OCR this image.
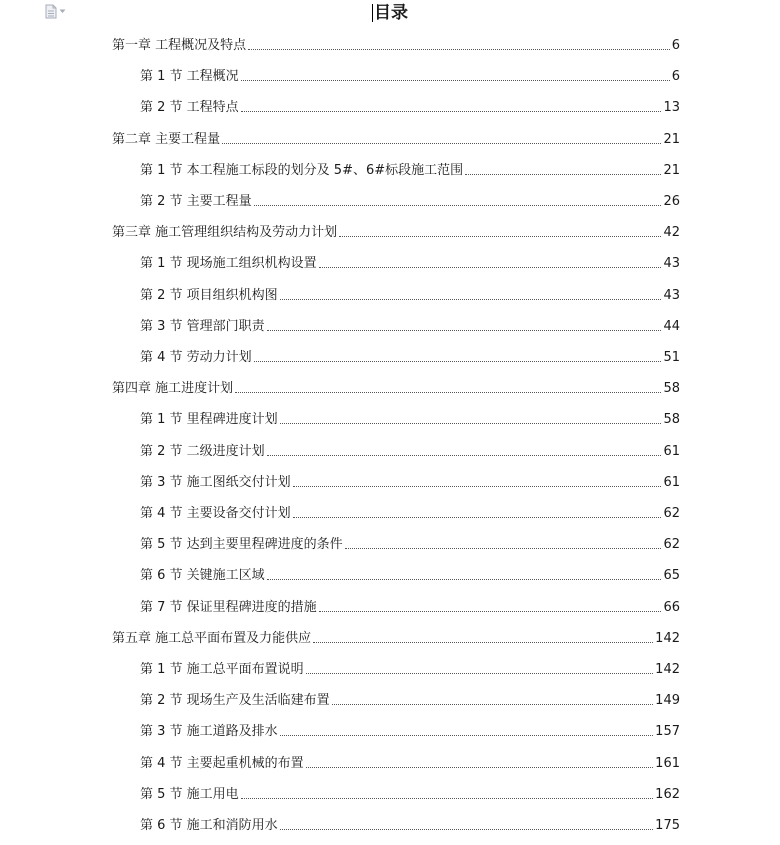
目录
第一章 工程概况及特点	6
第 1 节 工程概况	6
第 2 节 工程特点	13
第二章 主要工程量	21
第 1 节 本工程施工标段的划分及 5#、6#标段施工范围	21
第 2 节 主要工程量	26
第三章 施工管理组织结构及劳动力计划	42
第 1 节 现场施工组织机构设置	43
第 2 节 项目组织机构图	43
第 3 节 管理部门职责	44
第 4 节 劳动力计划	51
第四章 施工进度计划	58
第 1 节 里程碑进度计划	58
第 2 节 二级进度计划	61
第 3 节 施工图纸交付计划	61
第 4 节 主要设备交付计划	62
第 5 节 达到主要里程碑进度的条件	62
第 6 节 关键施工区域	65
第 7 节 保证里程碑进度的措施	66
第五章 施工总平面布置及力能供应	142
第 1 节 施工总平面布置说明	142
第 2 节 现场生产及生活临建布置	149
第 3 节 施工道路及排水	157
第 4 节 主要起重机械的布置	161
第 5 节 施工用电	162
第 6 节 施工和消防用水	175
